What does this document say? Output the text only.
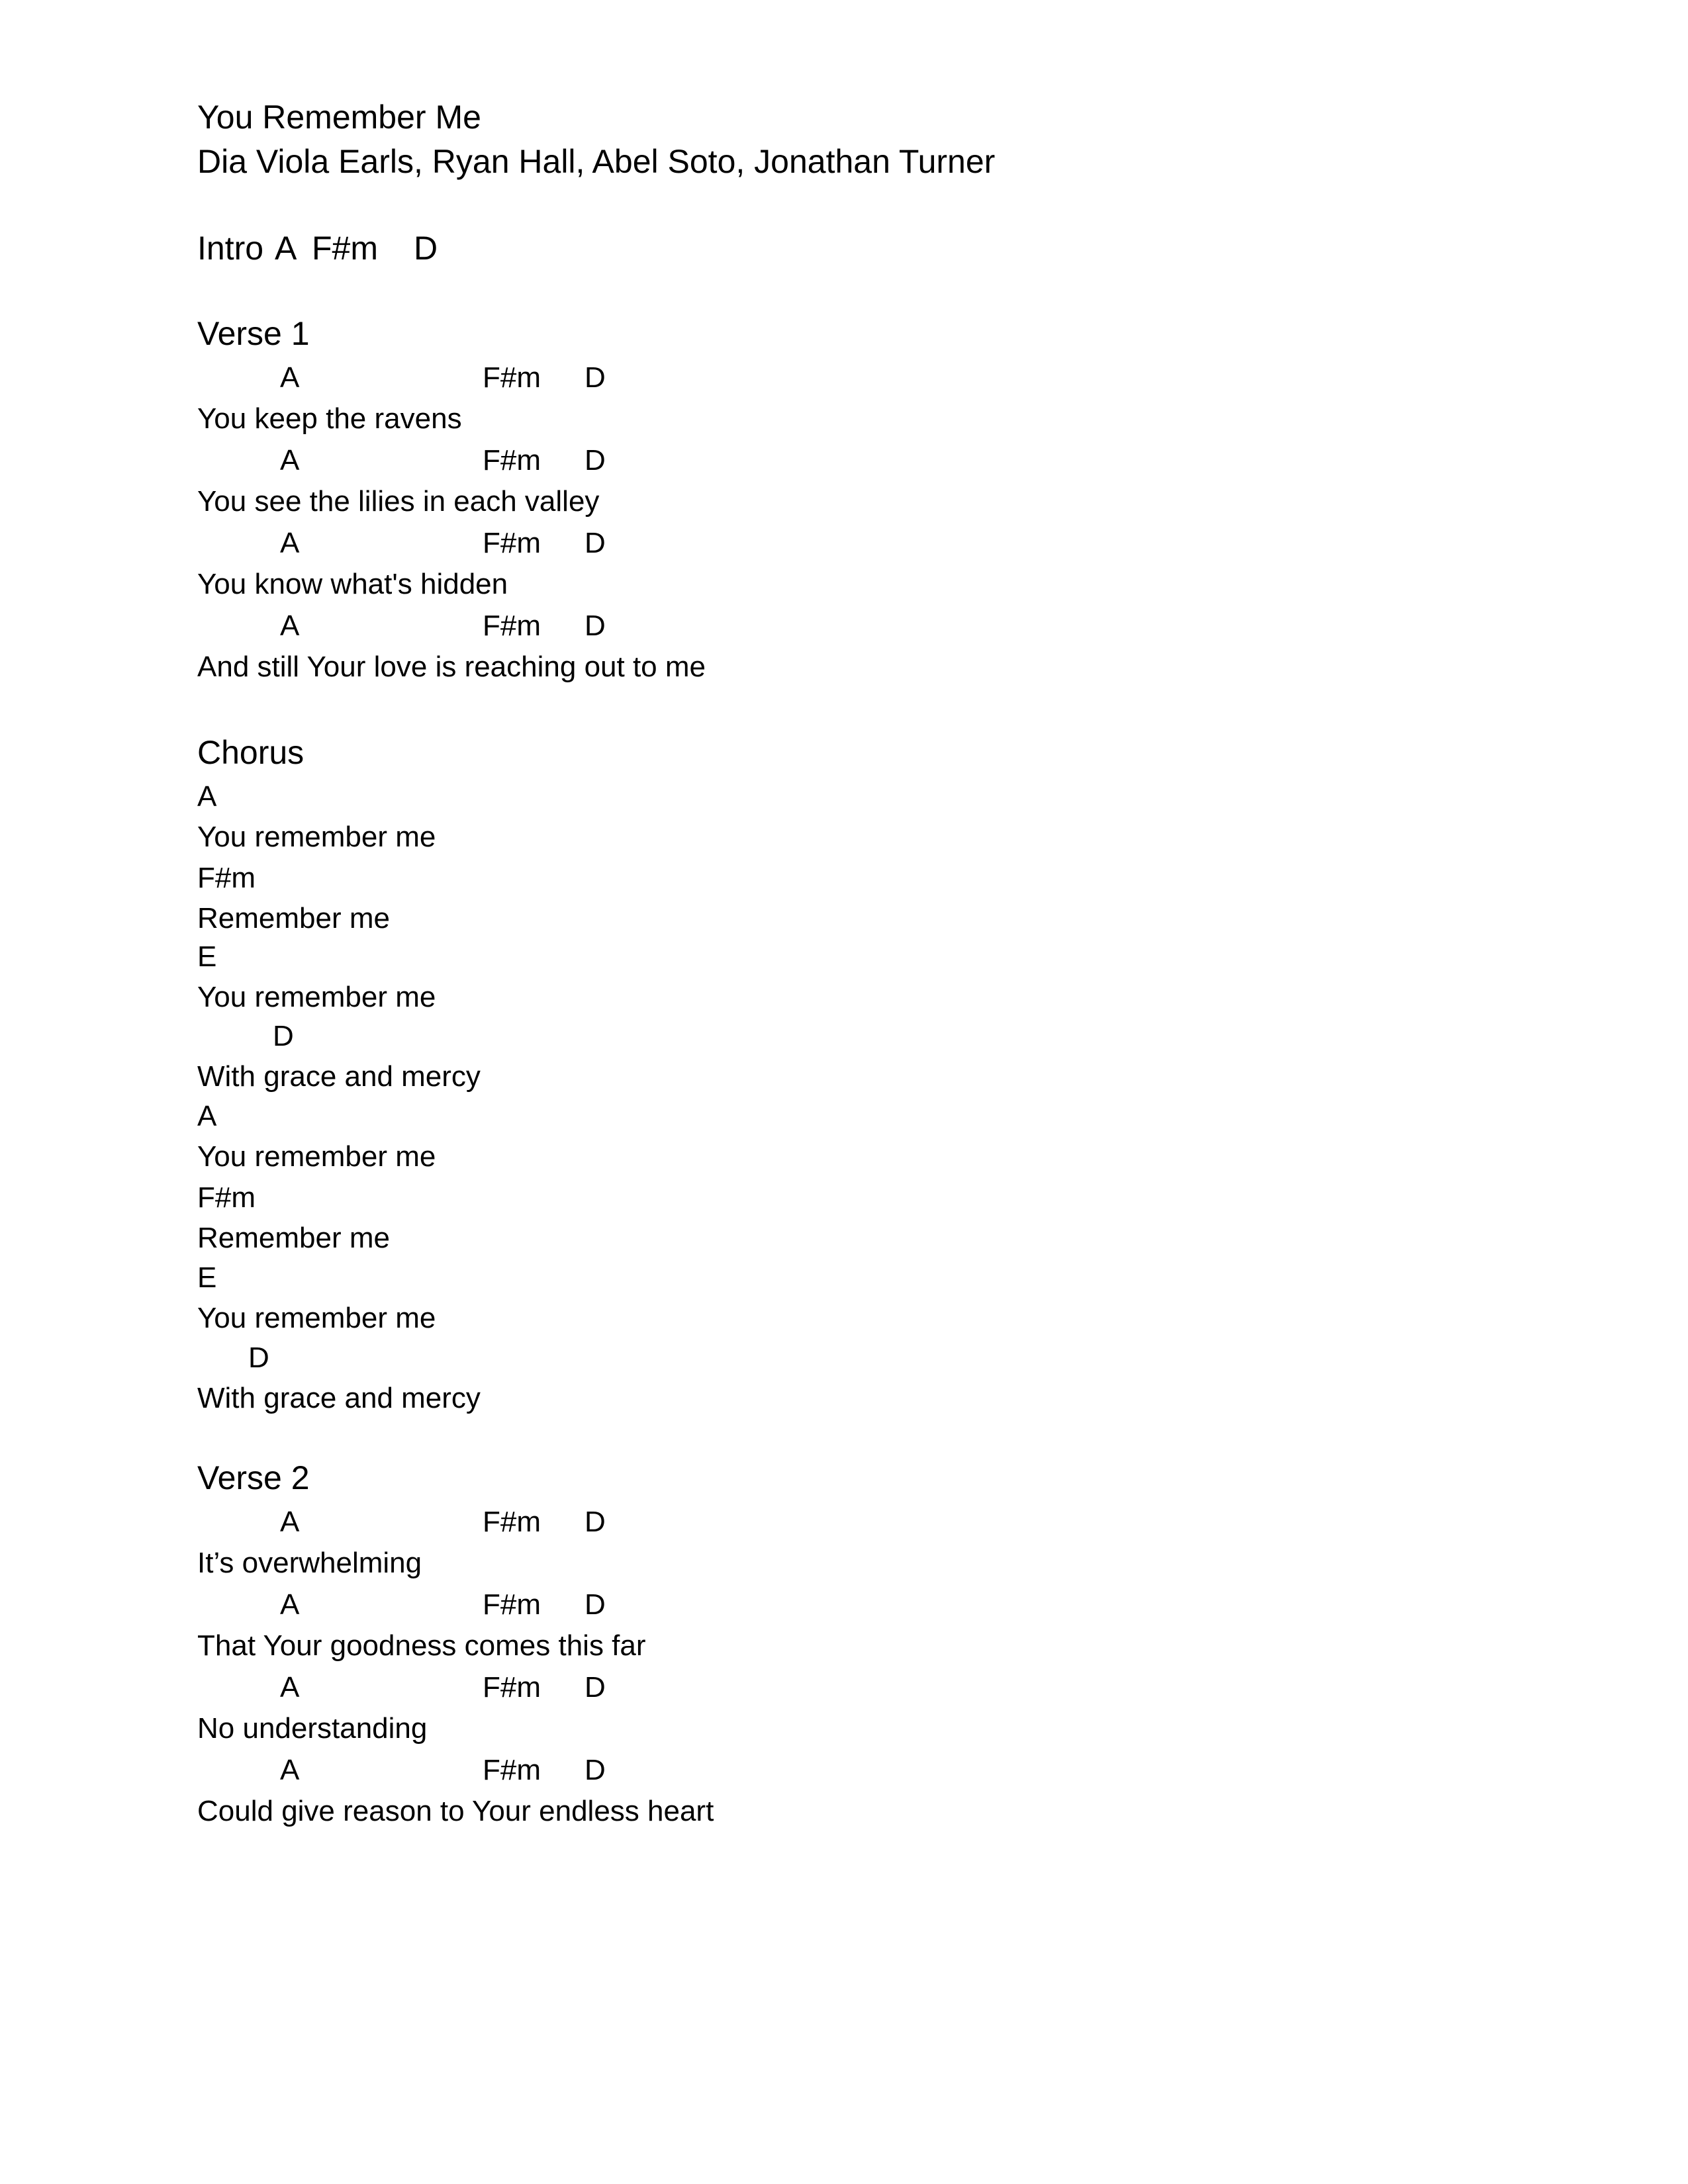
You Remember Me
Dia Viola Earls, Ryan Hall, Abel Soto, Jonathan Turner
Intro A F#m D
Verse 1
A	F#m D
You keep the ravens
A	F#m D
You see the lilies in each valley
A	F#m D
You know what's hidden
A	F#m D
And still Your love is reaching out to me
Chorus
A
You remember me
F#m
Remember me
E
You remember me
D
With grace and mercy
A
You remember me
F#m
Remember me
E
You remember me
D
With grace and mercy
Verse 2
A	F#m D
It’s overwhelming
A	F#m D
That Your goodness comes this far
A	F#m D
No understanding
A	F#m D
Could give reason to Your endless heart
